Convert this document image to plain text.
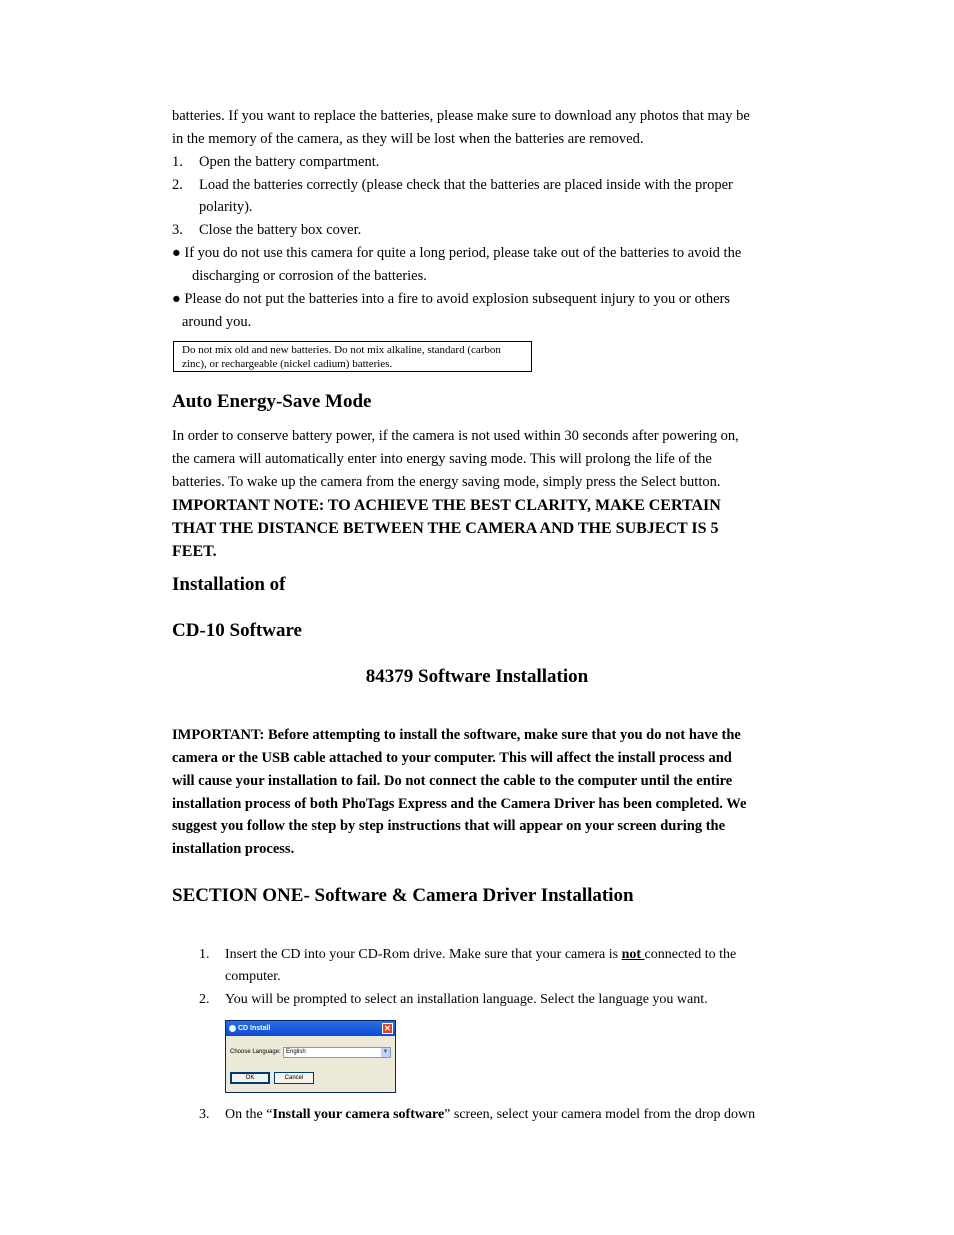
batteries. If you want to replace the batteries, please make sure to download any photos that may be
in the memory of the camera, as they will be lost when the batteries are removed.
1. Open the battery compartment.
2. Load the batteries correctly (please check that the batteries are placed inside with the proper
polarity).
3. Close the battery box cover.
● If you do not use this camera for quite a long period, please take out of the batteries to avoid the
discharging or corrosion of the batteries.
● Please do not put the batteries into a fire to avoid explosion subsequent injury to you or others
around you.
Do not mix old and new batteries. Do not mix alkaline, standard (carbon
zinc), or rechargeable (nickel cadium) batteries.
Auto Energy-Save Mode
In order to conserve battery power, if the camera is not used within 30 seconds after powering on,
the camera will automatically enter into energy saving mode. This will prolong the life of the
batteries. To wake up the camera from the energy saving mode, simply press the Select button.
IMPORTANT NOTE: TO ACHIEVE THE BEST CLARITY, MAKE CERTAIN
THAT THE DISTANCE BETWEEN THE CAMERA AND THE SUBJECT IS 5
FEET.
Installation of
CD-10 Software
84379 Software Installation
IMPORTANT: Before attempting to install the software, make sure that you do not have the
camera or the USB cable attached to your computer. This will affect the install process and
will cause your installation to fail. Do not connect the cable to the computer until the entire
installation process of both PhoTags Express and the Camera Driver has been completed. We
suggest you follow the step by step instructions that will appear on your screen during the
installation process.
SECTION ONE- Software & Camera Driver Installation
1. Insert the CD into your CD-Rom drive. Make sure that your camera is not connected to the
computer.
2. You will be prompted to select an installation language. Select the language you want.
CD Install	✕
Choose Language: English	▼
OK	Cancel
3. On the “Install your camera software” screen, select your camera model from the drop down
